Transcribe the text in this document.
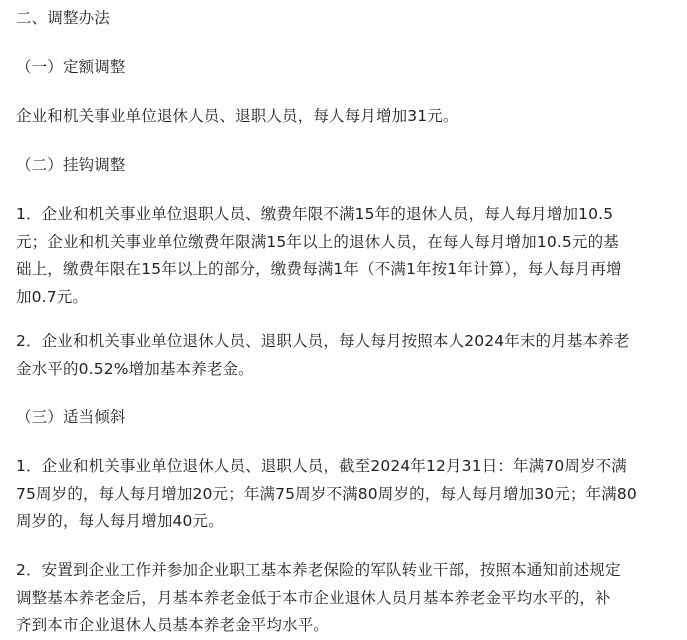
二、调整办法
（一）定额调整
企业和机关事业单位退休人员、退职人员，每人每月增加31元。
（二）挂钩调整
1．企业和机关事业单位退职人员、缴费年限不满15年的退休人员，每人每月增加10.5
元；企业和机关事业单位缴费年限满15年以上的退休人员，在每人每月增加10.5元的基
础上，缴费年限在15年以上的部分，缴费每满1年（不满1年按1年计算），每人每月再增
加0.7元。
2．企业和机关事业单位退休人员、退职人员，每人每月按照本人2024年末的月基本养老
金水平的0.52%增加基本养老金。
（三）适当倾斜
1．企业和机关事业单位退休人员、退职人员，截至2024年12月31日：年满70周岁不满
75周岁的，每人每月增加20元；年满75周岁不满80周岁的，每人每月增加30元；年满80
周岁的，每人每月增加40元。
2．安置到企业工作并参加企业职工基本养老保险的军队转业干部，按照本通知前述规定
调整基本养老金后，月基本养老金低于本市企业退休人员月基本养老金平均水平的，补
齐到本市企业退休人员基本养老金平均水平。
